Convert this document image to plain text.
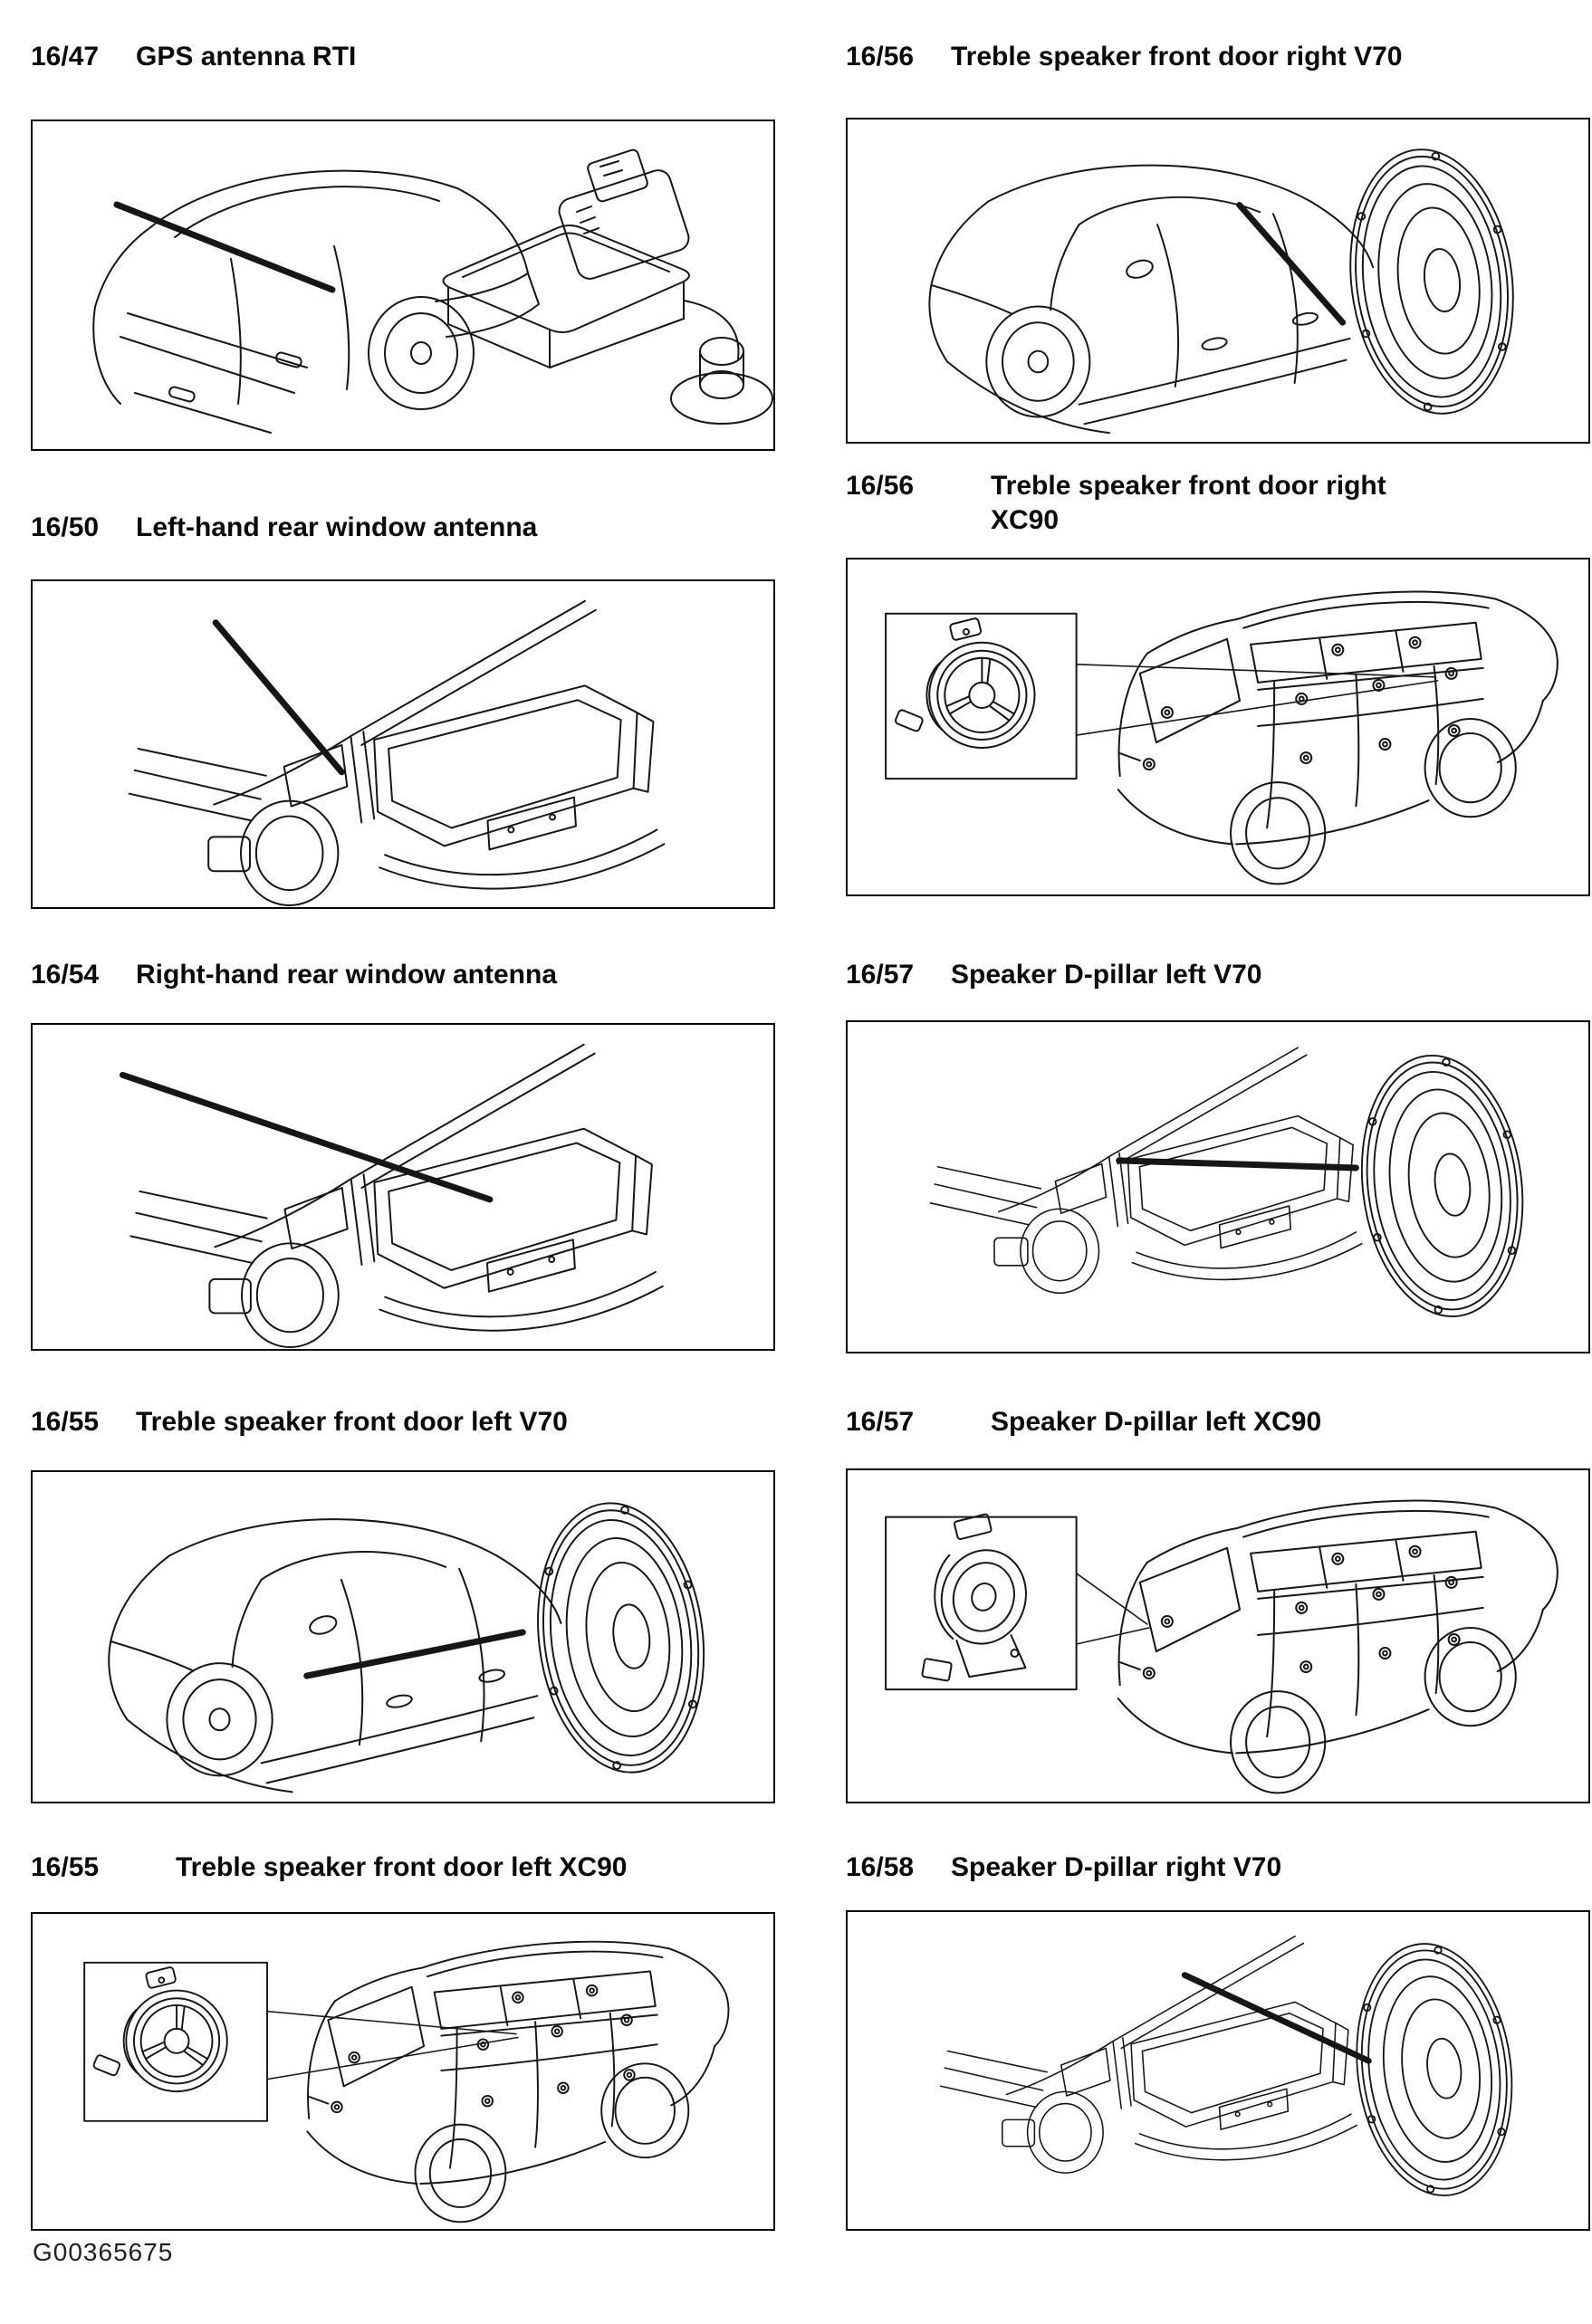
16/47	GPS antenna RTI	16/56	Treble speaker front door right V70
16/50	Left-hand rear window antenna
16/56	Treble speaker front door right XC90
16/54	Right-hand rear window antenna	16/57	Speaker D-pillar left V70
16/55	Treble speaker front door left V70	16/57	Speaker D-pillar left XC90
16/55	Treble speaker front door left XC90	16/58	Speaker D-pillar right V70
G00365675
